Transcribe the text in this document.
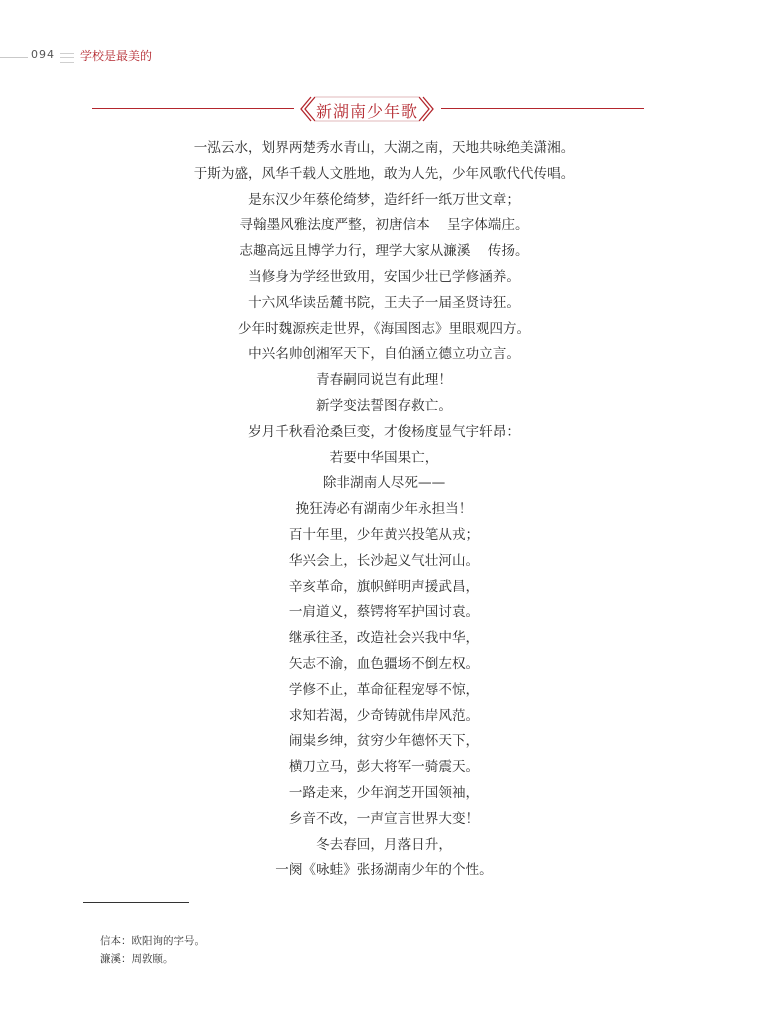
094 学校是最美的
新湖南少年歌
一泓云水，划界两楚秀水青山，大湖之南，天地共咏绝美潇湘。
于斯为盛，风华千载人文胜地，敢为人先，少年风歌代代传唱。
是东汉少年蔡伦绮梦，造纤纤一纸万世文章；
寻翰墨风雅法度严整，初唐信本    呈字体端庄。
志趣高远且博学力行，理学大家从濂溪    传扬。
当修身为学经世致用，安国少壮已学修涵养。
十六风华读岳麓书院，王夫子一届圣贤诗狂。
少年时魏源疾走世界，《海国图志》里眼观四方。
中兴名帅创湘军天下，自伯涵立德立功立言。
青春嗣同说岂有此理！
新学变法誓图存救亡。
岁月千秋看沧桑巨变，才俊杨度显气宇轩昂：
若要中华国果亡，
除非湖南人尽死——
挽狂涛必有湖南少年永担当！
百十年里，少年黄兴投笔从戎；
华兴会上，长沙起义气壮河山。
辛亥革命，旗帜鲜明声援武昌，
一肩道义，蔡锷将军护国讨袁。
继承往圣，改造社会兴我中华，
矢志不渝，血色疆场不倒左权。
学修不止，革命征程宠辱不惊，
求知若渴，少奇铸就伟岸风范。
闹粜乡绅，贫穷少年德怀天下，
横刀立马，彭大将军一骑震天。
一路走来，少年润芝开国领袖，
乡音不改，一声宣言世界大变！
冬去春回，月落日升，
一阕《咏蛙》张扬湖南少年的个性。
信本：欧阳询的字号。
濂溪：周敦颐。
